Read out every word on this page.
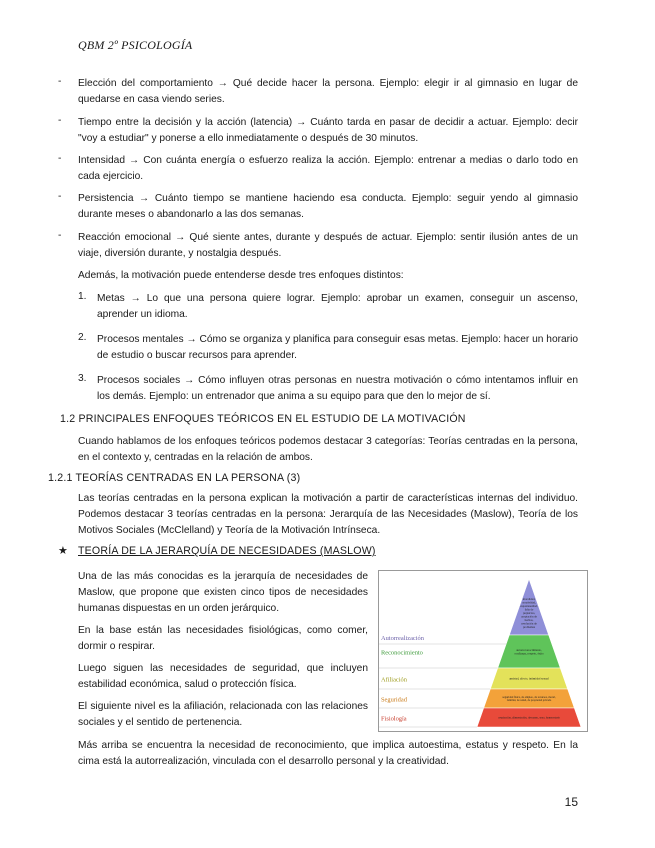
QBM 2º PSICOLOGÍA
- Elección del comportamiento → Qué decide hacer la persona. Ejemplo: elegir ir al gimnasio en lugar de quedarse en casa viendo series.
- Tiempo entre la decisión y la acción (latencia) → Cuánto tarda en pasar de decidir a actuar. Ejemplo: decir "voy a estudiar" y ponerse a ello inmediatamente o después de 30 minutos.
- Intensidad → Con cuánta energía o esfuerzo realiza la acción. Ejemplo: entrenar a medias o darlo todo en cada ejercicio.
- Persistencia → Cuánto tiempo se mantiene haciendo esa conducta. Ejemplo: seguir yendo al gimnasio durante meses o abandonarlo a las dos semanas.
- Reacción emocional → Qué siente antes, durante y después de actuar. Ejemplo: sentir ilusión antes de un viaje, diversión durante, y nostalgia después.
Además, la motivación puede entenderse desde tres enfoques distintos:
1. Metas → Lo que una persona quiere lograr. Ejemplo: aprobar un examen, conseguir un ascenso, aprender un idioma.
2. Procesos mentales → Cómo se organiza y planifica para conseguir esas metas. Ejemplo: hacer un horario de estudio o buscar recursos para aprender.
3. Procesos sociales → Cómo influyen otras personas en nuestra motivación o cómo intentamos influir en los demás. Ejemplo: un entrenador que anima a su equipo para que den lo mejor de sí.
1.2 PRINCIPALES ENFOQUES TEÓRICOS EN EL ESTUDIO DE LA MOTIVACIÓN
Cuando hablamos de los enfoques teóricos podemos destacar 3 categorías: Teorías centradas en la persona, en el contexto y, centradas en la relación de ambos.
1.2.1 TEORÍAS CENTRADAS EN LA PERSONA (3)
Las teorías centradas en la persona explican la motivación a partir de características internas del individuo. Podemos destacar 3 teorías centradas en la persona: Jerarquía de las Necesidades (Maslow), Teoría de los Motivos Sociales (McClelland) y Teoría de la Motivación Intrínseca.
★ TEORÍA DE LA JERARQUÍA DE NECESIDADES (MASLOW)
Una de las más conocidas es la jerarquía de necesidades de Maslow, que propone que existen cinco tipos de necesidades humanas dispuestas en un orden jerárquico.
En la base están las necesidades fisiológicas, como comer, dormir o respirar.
Luego siguen las necesidades de seguridad, que incluyen estabilidad económica, salud o protección física.
El siguiente nivel es la afiliación, relacionada con las relaciones sociales y el sentido de pertenencia.
Más arriba se encuentra la necesidad de reconocimiento, que implica autoestima, estatus y respeto. En la cima está la autorrealización, vinculada con el desarrollo personal y la creatividad.
moralidad, creatividad, espontaneidad, falta de prejuicios, aceptación de hechos, resolución de problemas
Autorrealización
autorreconocimiento, confianza, respeto, éxito
Reconocimiento
amistad, afecto, intimidad sexual
Afiliación
seguridad física, de empleo, de recursos, moral, familiar, de salud, de propiedad privada
Seguridad
respiración, alimentación, descanso, sexo, homeostasis
Fisiología
15
